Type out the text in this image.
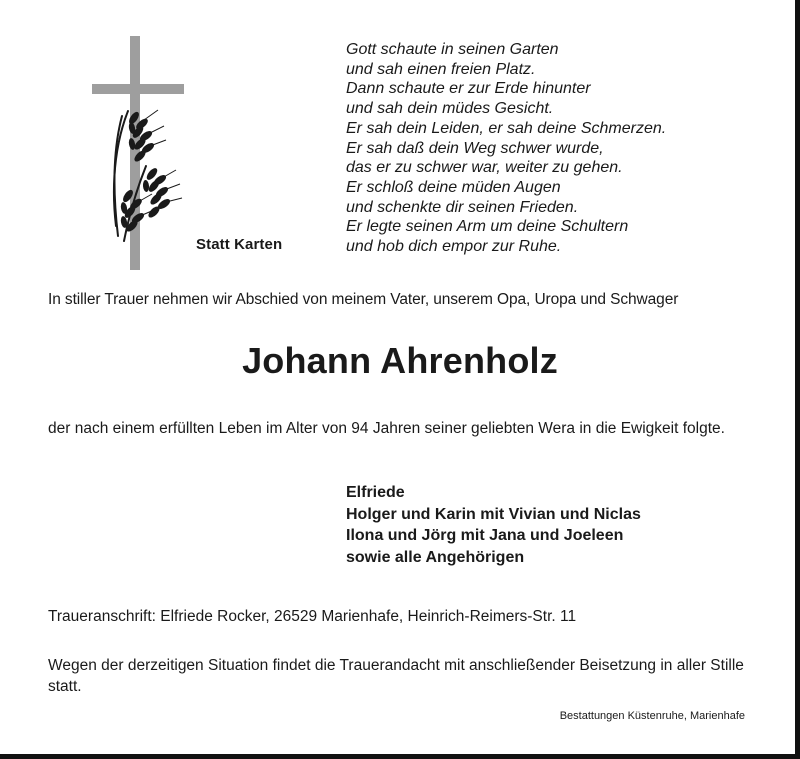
Statt Karten
Gott schaute in seinen Garten
und sah einen freien Platz.
Dann schaute er zur Erde hinunter
und sah dein müdes Gesicht.
Er sah dein Leiden, er sah deine Schmerzen.
Er sah daß dein Weg schwer wurde,
das er zu schwer war, weiter zu gehen.
Er schloß deine müden Augen
und schenkte dir seinen Frieden.
Er legte seinen Arm um deine Schultern
und hob dich empor zur Ruhe.
In stiller Trauer nehmen wir Abschied von meinem Vater, unserem Opa, Uropa und Schwager
Johann Ahrenholz
der nach einem erfüllten Leben im Alter von 94 Jahren seiner geliebten Wera in die Ewigkeit folgte.
Elfriede
Holger und Karin mit Vivian und Niclas
Ilona und Jörg mit Jana und Joeleen
sowie alle Angehörigen
Traueranschrift: Elfriede Rocker, 26529 Marienhafe, Heinrich-Reimers-Str. 11
Wegen der derzeitigen Situation findet die Trauerandacht mit anschließender Beisetzung in aller Stille statt.
Bestattungen Küstenruhe, Marienhafe
